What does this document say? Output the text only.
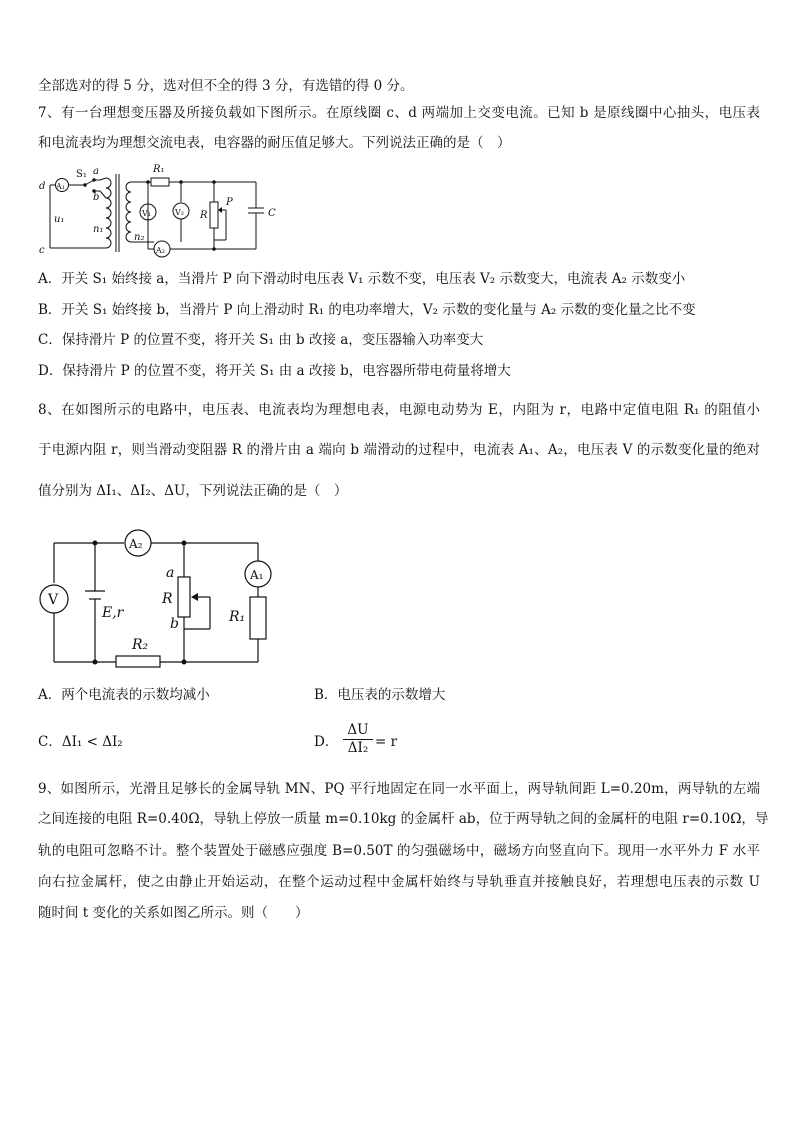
全部选对的得 5 分，选对但不全的得 3 分，有选错的得 0 分。
7、有一台理想变压器及所接负载如下图所示。在原线圈 c、d 两端加上交变电流。已知 b 是原线圈中心抽头，电压表
和电流表均为理想交流电表，电容器的耐压值足够大。下列说法正确的是（　）
d
c
A₁
S₁ a
b
u₁
n₁
n₂
R₁
V₁	V₂
A₂
R
P
C
A．开关 S₁ 始终接 a，当滑片 P 向下滑动时电压表 V₁ 示数不变，电压表 V₂ 示数变大，电流表 A₂ 示数变小
B．开关 S₁ 始终接 b，当滑片 P 向上滑动时 R₁ 的电功率增大，V₂ 示数的变化量与 A₂ 示数的变化量之比不变
C．保持滑片 P 的位置不变，将开关 S₁ 由 b 改接 a，变压器输入功率变大
D．保持滑片 P 的位置不变，将开关 S₁ 由 a 改接 b，电容器所带电荷量将增大
8、在如图所示的电路中，电压表、电流表均为理想电表，电源电动势为 E，内阻为 r，电路中定值电阻 R₁ 的阻值小
于电源内阻 r，则当滑动变阻器 R 的滑片由 a 端向 b 端滑动的过程中，电流表 A₁、A₂，电压表 V 的示数变化量的绝对
值分别为 ΔI₁、ΔI₂、ΔU，下列说法正确的是（　）
V
A₂
A₁
E,r
a
R
b	R₁
R₂
A．两个电流表的示数均减小	B．电压表的示数增大
C．ΔI₁ < ΔI₂	D． $\frac{\Delta U}{\text{ΔI₂}} = r$
9、如图所示，光滑且足够长的金属导轨 MN、PQ 平行地固定在同一水平面上，两导轨间距 L=0.20m，两导轨的左端
之间连接的电阻 R=0.40Ω，导轨上停放一质量 m=0.10kg 的金属杆 ab，位于两导轨之间的金属杆的电阻 r=0.10Ω，导
轨的电阻可忽略不计。整个装置处于磁感应强度 B=0.50T 的匀强磁场中，磁场方向竖直向下。现用一水平外力 F 水平
向右拉金属杆，使之由静止开始运动，在整个运动过程中金属杆始终与导轨垂直并接触良好，若理想电压表的示数 U
随时间 t 变化的关系如图乙所示。则（　　）
